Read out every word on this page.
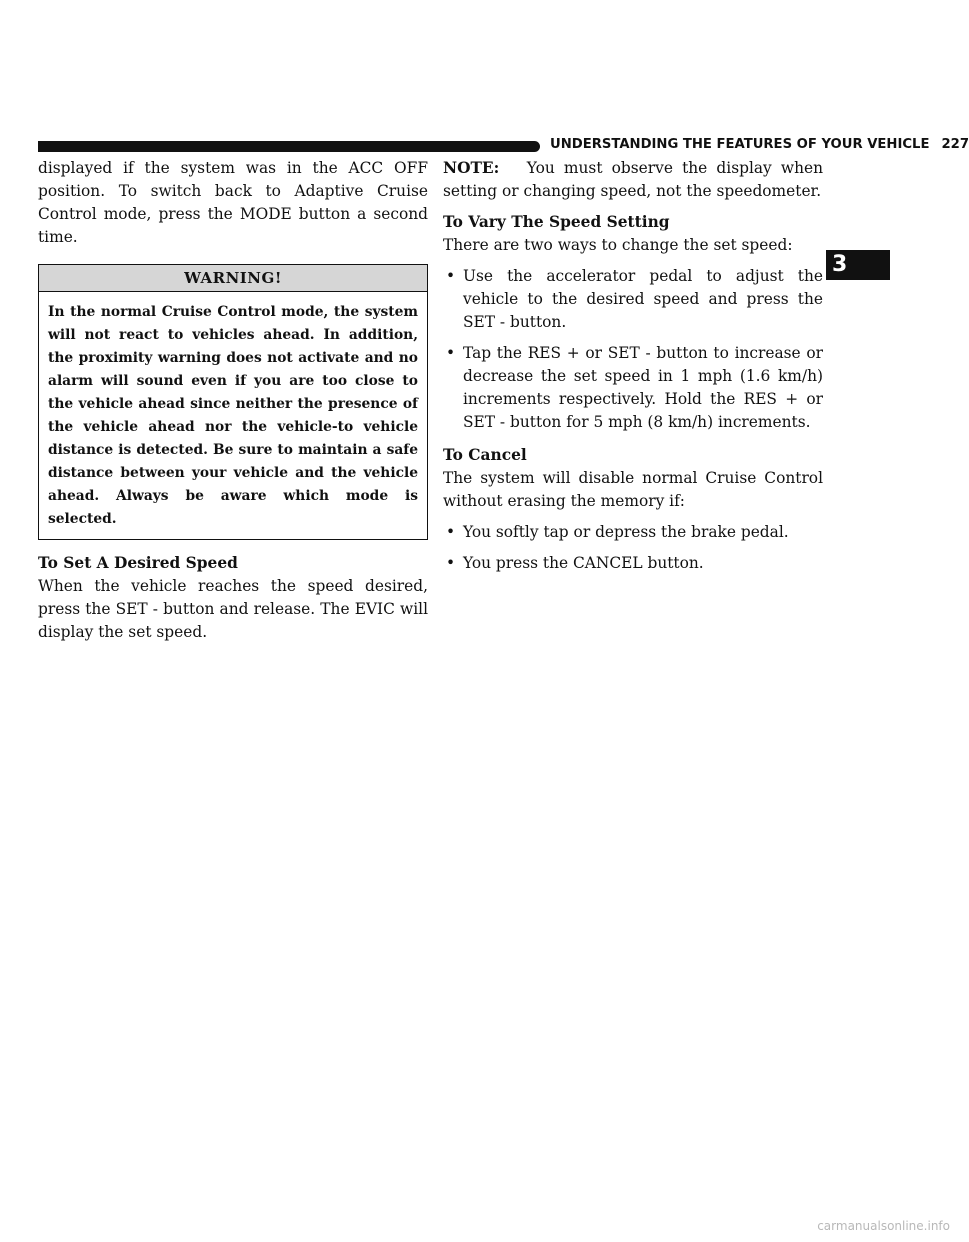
UNDERSTANDING THE FEATURES OF YOUR VEHICLE 227
3

displayed if the system was in the ACC OFF position. To switch back to Adaptive Cruise Control mode, press the MODE button a second time.

WARNING!
In the normal Cruise Control mode, the system will not react to vehicles ahead. In addition, the proximity warning does not activate and no alarm will sound even if you are too close to the vehicle ahead since neither the presence of the vehicle ahead nor the vehicle-to vehicle distance is detected. Be sure to maintain a safe distance between your vehicle and the vehicle ahead. Always be aware which mode is selected.
To Set A Desired Speed

When the vehicle reaches the speed desired, press the SET - button and release. The EVIC will display the set speed.

NOTE: You must observe the display when setting or changing speed, not the speedometer.

To Vary The Speed Setting

There are two ways to change the set speed:

• Use the accelerator pedal to adjust the vehicle to the desired speed and press the SET - button.
• Tap the RES + or SET - button to increase or decrease the set speed in 1 mph (1.6 km/h) increments respectively. Hold the RES + or SET - button for 5 mph (8 km/h) increments.
To Cancel

The system will disable normal Cruise Control without erasing the memory if:

• You softly tap or depress the brake pedal.
• You press the CANCEL button.
carmanualsonline.info
